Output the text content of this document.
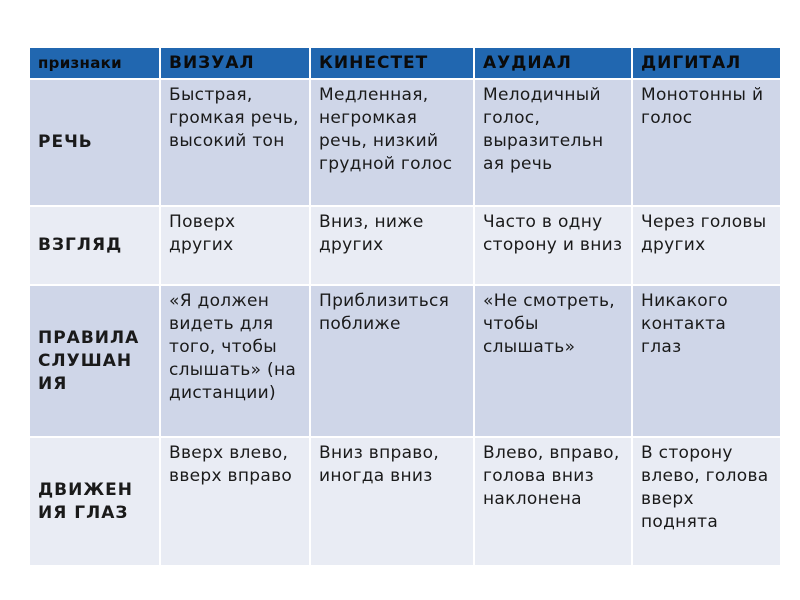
признаки	ВИЗУАЛ	КИНЕСТЕТ	АУДИАЛ	ДИГИТАЛ
РЕЧЬ	Быстрая, громкая речь, высокий тон	Медленная, негромкая речь, низкий грудной голос	Мелодичный голос, выразительн ая речь	Монотонны й голос
ВЗГЛЯД	Поверх других	Вниз, ниже других	Часто в одну сторону и вниз	Через головы других
ПРАВИЛА СЛУШАН ИЯ	«Я должен видеть для того, чтобы слышать» (на дистанции)	Приблизиться поближе	«Не смотреть, чтобы слышать»	Никакого контакта глаз
ДВИЖЕН ИЯ ГЛАЗ	Вверх влево, вверх вправо	Вниз вправо, иногда вниз	Влево, вправо, голова вниз наклонена	В сторону влево, голова вверх поднята
